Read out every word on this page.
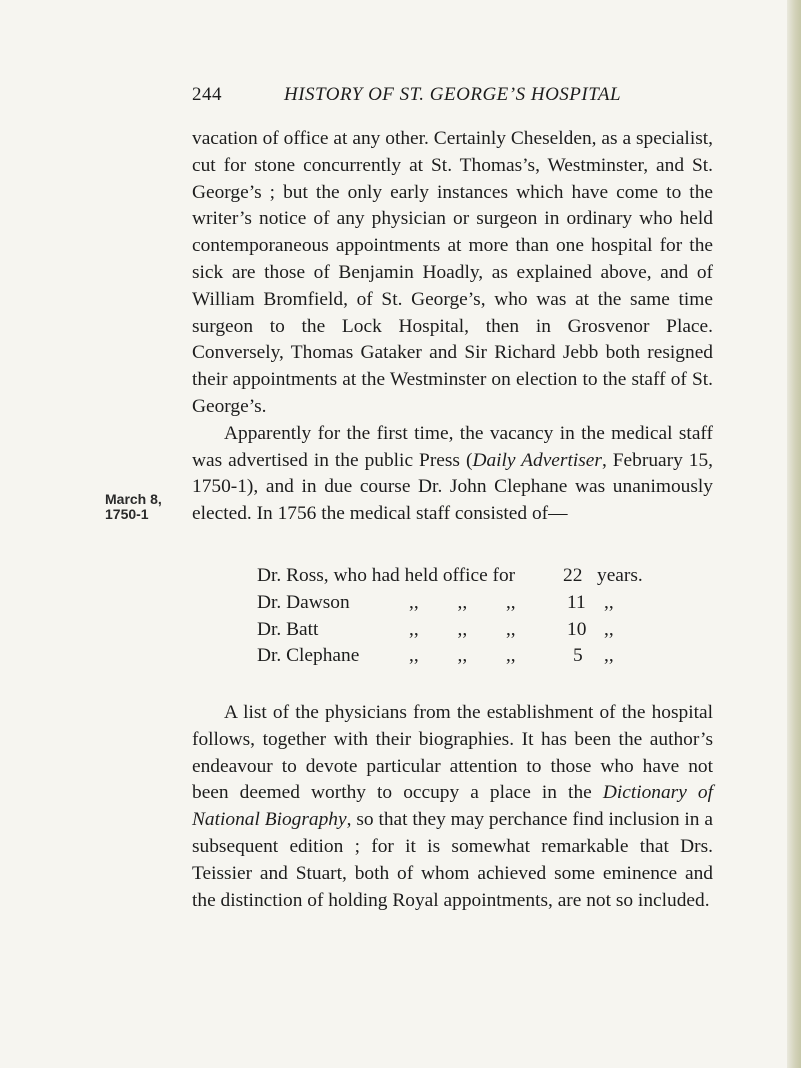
244	HISTORY OF ST. GEORGE’S HOSPITAL
March 8,
1750-1

vacation of office at any other. Certainly Cheselden, as a specialist, cut for stone concurrently at St. Thomas’s, Westminster, and St. George’s ; but the only early instances which have come to the writer’s notice of any physician or surgeon in ordinary who held contemporaneous appointments at more than one hospital for the sick are those of Benjamin Hoadly, as explained above, and of William Bromfield, of St. George’s, who was at the same time surgeon to the Lock Hospital, then in Grosvenor Place. Conversely, Thomas Gataker and Sir Richard Jebb both resigned their appointments at the Westminster on election to the staff of St. George’s.

Apparently for the first time, the vacancy in the medical staff was advertised in the public Press (Daily Advertiser, February 15, 1750-1), and in due course Dr. John Clephane was unanimously elected. In 1756 the medical staff consisted of—

Dr. Ross, who had held office for 22 years.
Dr. Dawson	,,        ,,        ,,	11 ,,
Dr. Batt	,,        ,,        ,,	10 ,,
Dr. Clephane	,,        ,,        ,,	5 ,,

A list of the physicians from the establishment of the hospital follows, together with their biographies. It has been the author’s endeavour to devote particular attention to those who have not been deemed worthy to occupy a place in the Dictionary of National Biography, so that they may perchance find inclusion in a subsequent edition ; for it is somewhat remarkable that Drs. Teissier and Stuart, both of whom achieved some eminence and the distinction of holding Royal appointments, are not so included.
